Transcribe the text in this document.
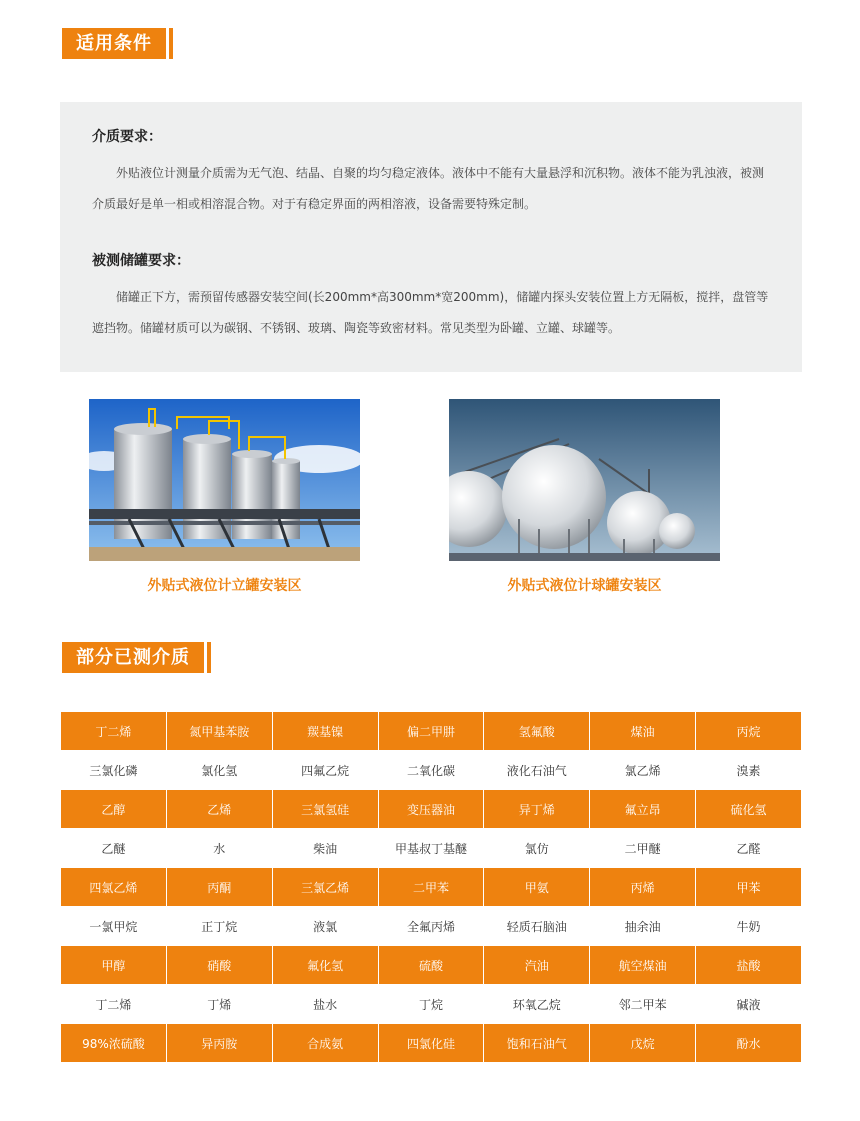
适用条件
介质要求：
外贴液位计测量介质需为无气泡、结晶、自聚的均匀稳定液体。液体中不能有大量悬浮和沉积物。液体不能为乳浊液，被测介质最好是单一相或相溶混合物。对于有稳定界面的两相溶液，设备需要特殊定制。
被测储罐要求：
储罐正下方，需预留传感器安装空间(长200mm*高300mm*宽200mm)，储罐内探头安装位置上方无隔板，搅拌，盘管等遮挡物。储罐材质可以为碳钢、不锈钢、玻璃、陶瓷等致密材料。常见类型为卧罐、立罐、球罐等。
外贴式液位计立罐安装区	外贴式液位计球罐安装区
部分已测介质
丁二烯	氮甲基苯胺	羰基镍	偏二甲肼	氢氟酸	煤油	丙烷
三氯化磷	氯化氢	四氟乙烷	二氧化碳	液化石油气	氯乙烯	溴素
乙醇	乙烯	三氯氢硅	变压器油	异丁烯	氟立昂	硫化氢
乙醚	水	柴油	甲基叔丁基醚	氯仿	二甲醚	乙醛
四氯乙烯	丙酮	三氯乙烯	二甲苯	甲氨	丙烯	甲苯
一氯甲烷	正丁烷	液氯	全氟丙烯	轻质石脑油	抽余油	牛奶
甲醇	硝酸	氟化氢	硫酸	汽油	航空煤油	盐酸
丁二烯	丁烯	盐水	丁烷	环氧乙烷	邻二甲苯	碱液
98%浓硫酸	异丙胺	合成氨	四氯化硅	饱和石油气	戊烷	酚水
